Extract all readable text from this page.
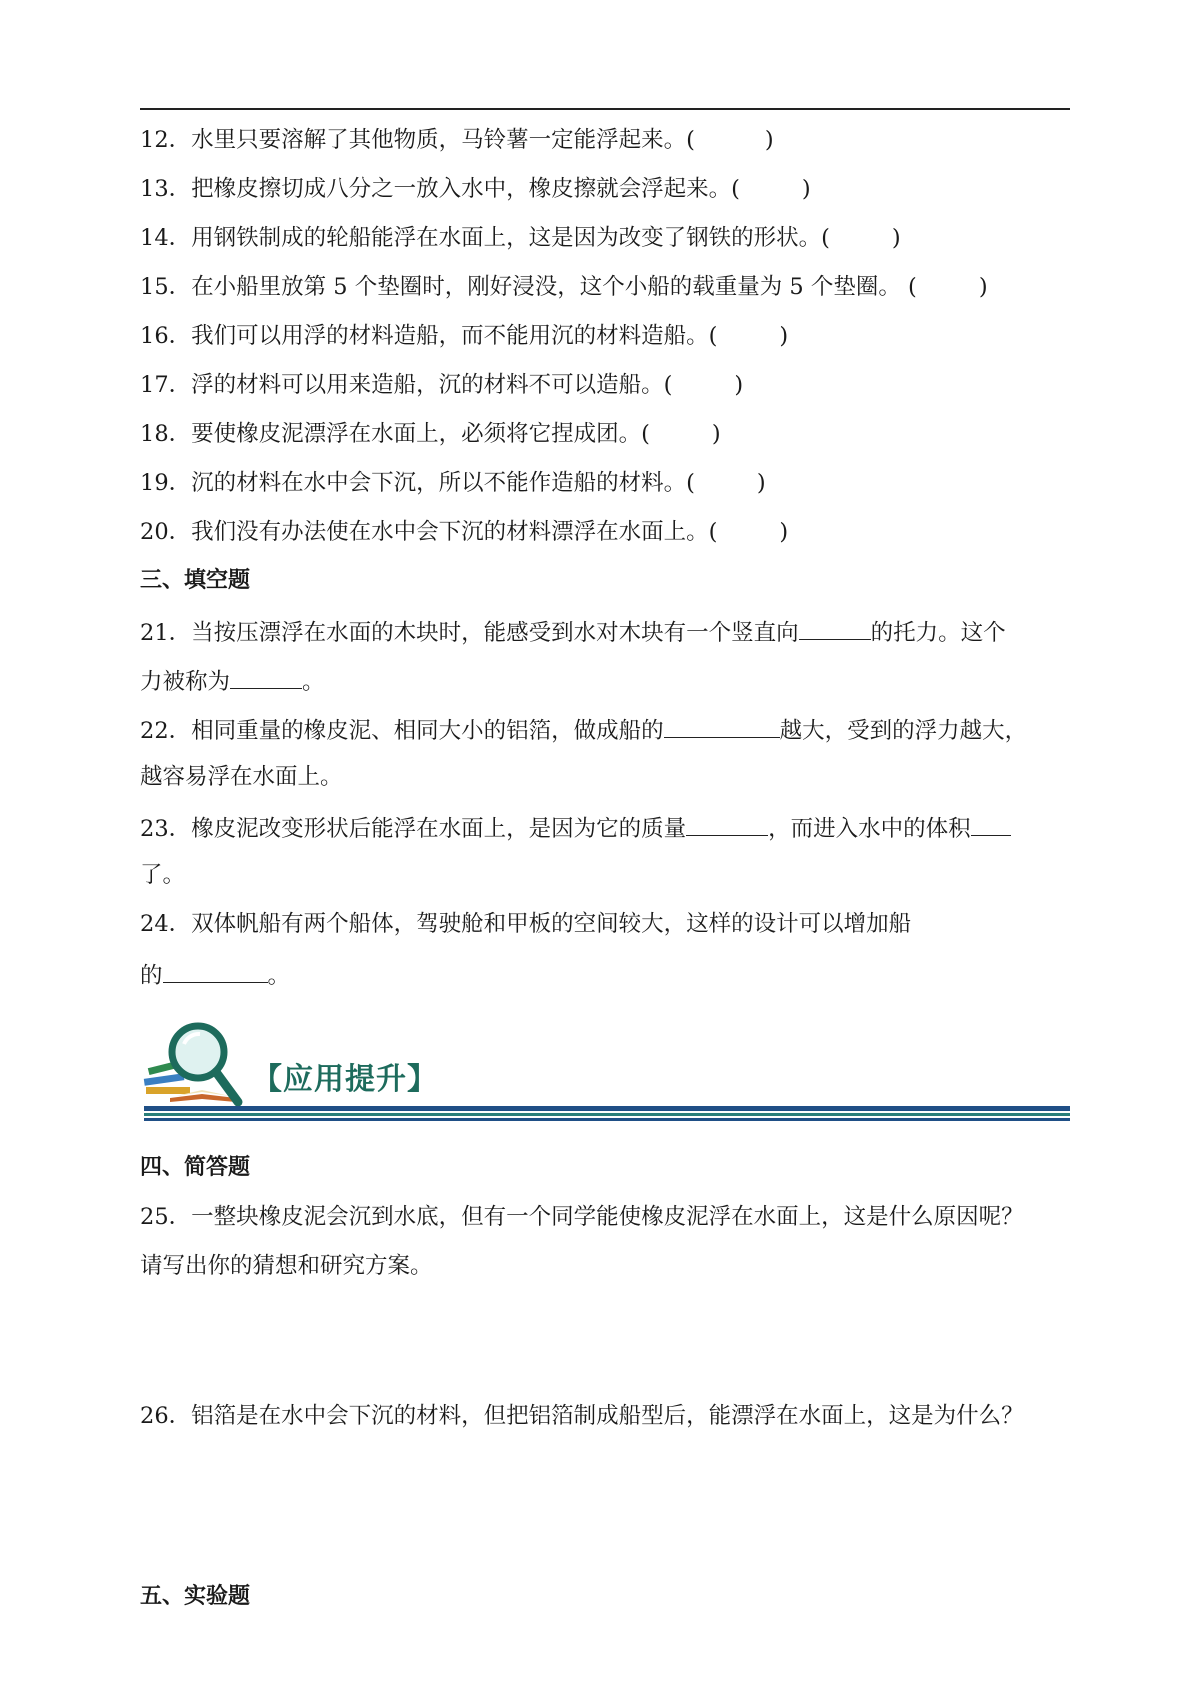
12．水里只要溶解了其他物质，马铃薯一定能浮起来。(	)
13．把橡皮擦切成八分之一放入水中，橡皮擦就会浮起来。(	)
14．用钢铁制成的轮船能浮在水面上，这是因为改变了钢铁的形状。(	)
15．在小船里放第 5 个垫圈时，刚好浸没，这个小船的载重量为 5 个垫圈。 (	)
16．我们可以用浮的材料造船，而不能用沉的材料造船。(	)
17．浮的材料可以用来造船，沉的材料不可以造船。(	)
18．要使橡皮泥漂浮在水面上，必须将它捏成团。(	)
19．沉的材料在水中会下沉，所以不能作造船的材料。(	)
20．我们没有办法使在水中会下沉的材料漂浮在水面上。(	)
三、填空题
21．当按压漂浮在水面的木块时，能感受到水对木块有一个竖直向	的托力。这个
力被称为	。
22．相同重量的橡皮泥、相同大小的铝箔，做成船的	越大，受到的浮力越大，
越容易浮在水面上。
23．橡皮泥改变形状后能浮在水面上，是因为它的质量	，而进入水中的体积
了。
24．双体帆船有两个船体，驾驶舱和甲板的空间较大，这样的设计可以增加船
的	。
【应用提升】
四、简答题
25．一整块橡皮泥会沉到水底，但有一个同学能使橡皮泥浮在水面上，这是什么原因呢？
请写出你的猜想和研究方案。
26．铝箔是在水中会下沉的材料，但把铝箔制成船型后，能漂浮在水面上，这是为什么？
五、实验题
